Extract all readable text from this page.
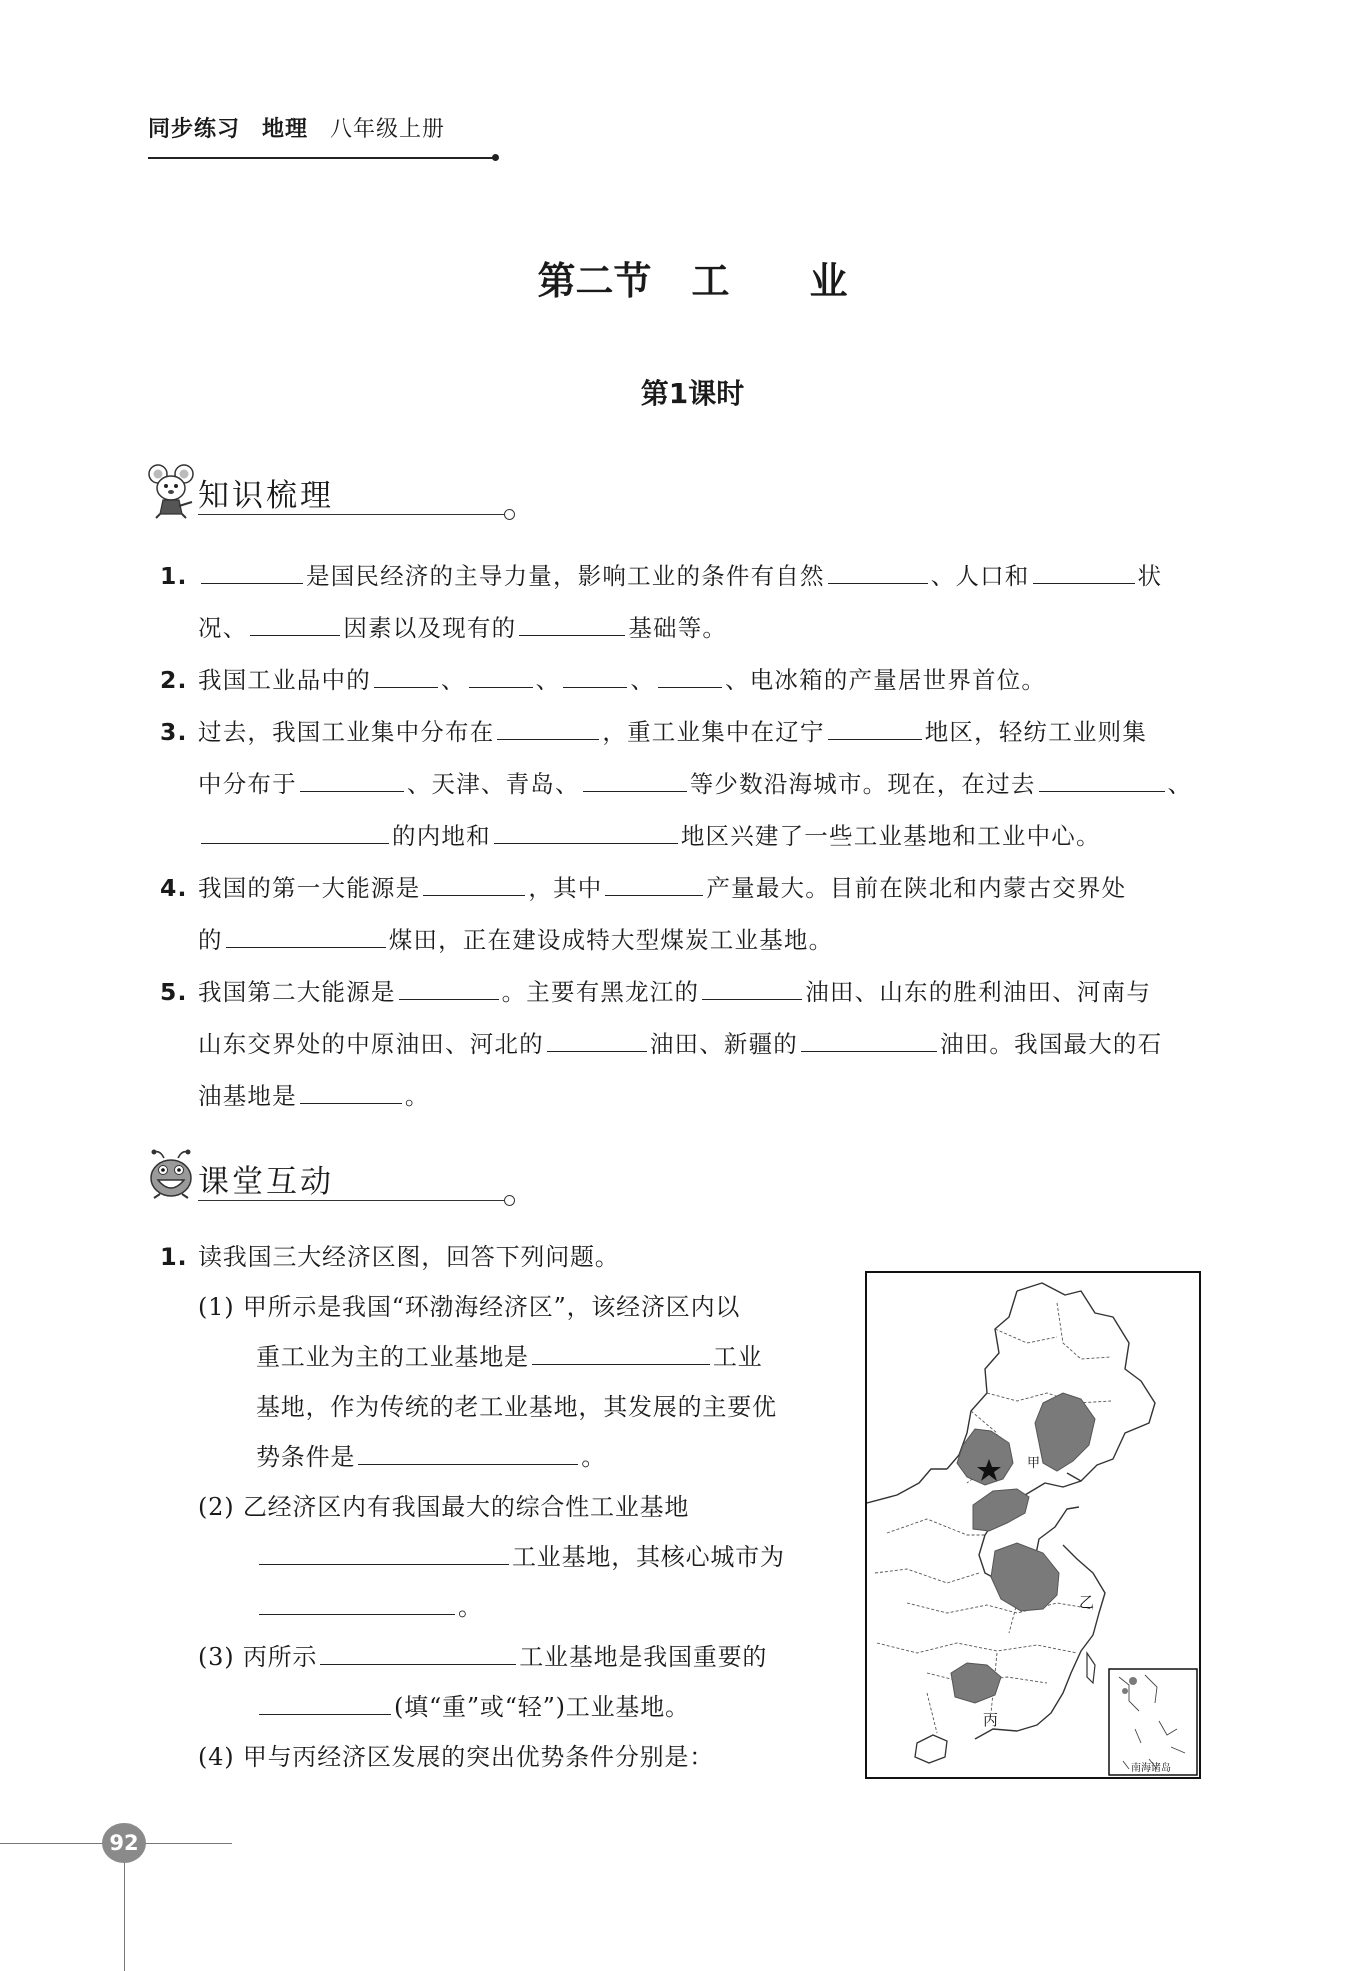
同步练习 地理 八年级上册
第二节 工 业
第1课时
知识梳理
1.	是国民经济的主导力量，影响工业的条件有自然	、人口和	状
况、	因素以及现有的	基础等。
2. 我国工业品中的	、	、	、	、电冰箱的产量居世界首位。
3. 过去，我国工业集中分布在	，重工业集中在辽宁	地区，轻纺工业则集
中分布于	、天津、青岛、	等少数沿海城市。现在，在过去	、
的内地和	地区兴建了一些工业基地和工业中心。
4. 我国的第一大能源是	，其中	产量最大。目前在陕北和内蒙古交界处
的	煤田，正在建设成特大型煤炭工业基地。
5. 我国第二大能源是	。主要有黑龙江的	油田、山东的胜利油田、河南与
山东交界处的中原油田、河北的	油田、新疆的	油田。我国最大的石
油基地是	。
课堂互动
1. 读我国三大经济区图，回答下列问题。
(1) 甲所示是我国“环渤海经济区”，该经济区内以
重工业为主的工业基地是	工业
基地，作为传统的老工业基地，其发展的主要优
势条件是	。
(2) 乙经济区内有我国最大的综合性工业基地
工业基地，其核心城市为
。
(3) 丙所示	工业基地是我国重要的
(填“重”或“轻”)工业基地。
(4) 甲与丙经济区发展的突出优势条件分别是：
甲
乙
丙
南海诸岛
92
